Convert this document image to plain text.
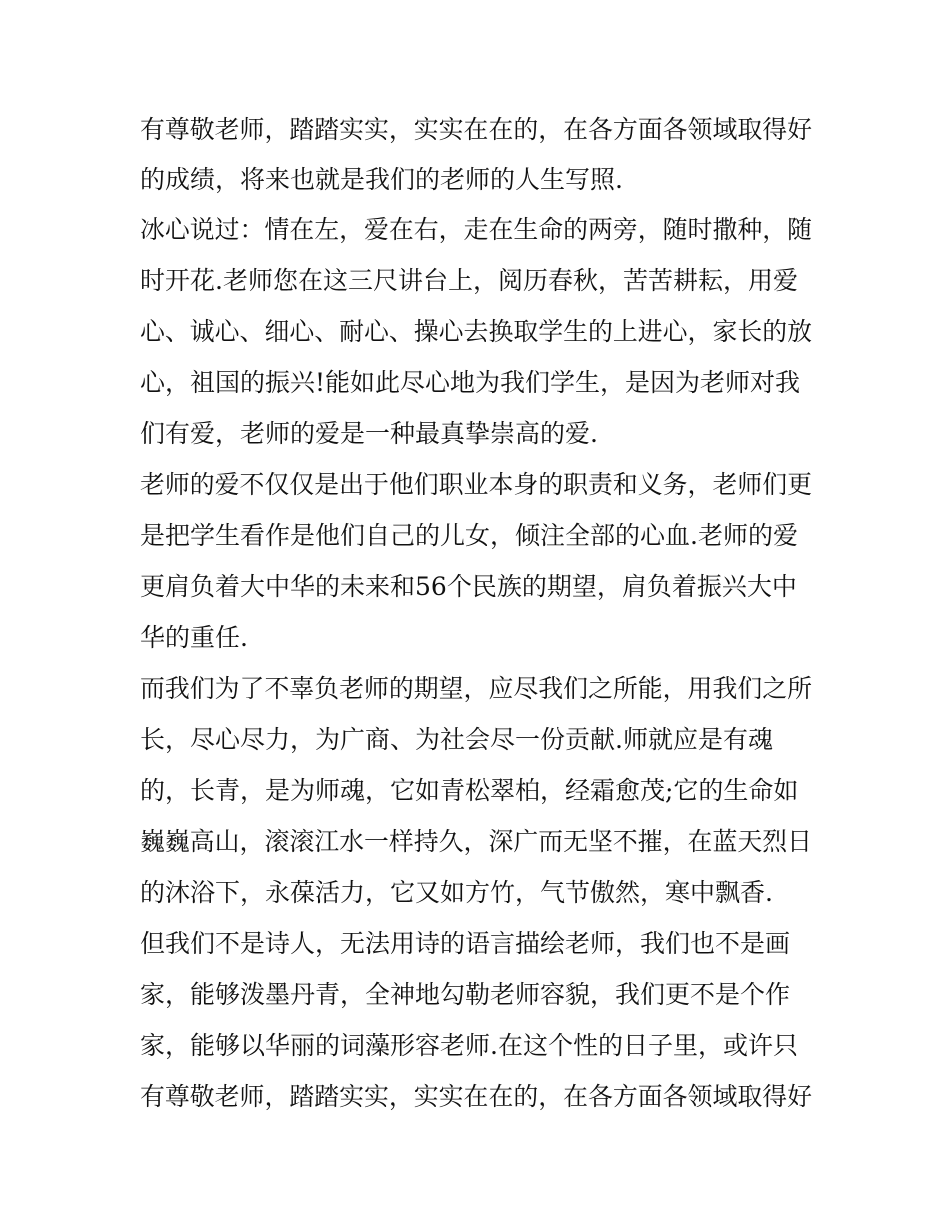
有尊敬老师，踏踏实实，实实在在的，在各方面各领域取得好
的成绩，将来也就是我们的老师的人生写照.
冰心说过：情在左，爱在右，走在生命的两旁，随时撒种，随
时开花.老师您在这三尺讲台上，阅历春秋，苦苦耕耘，用爱
心、诚心、细心、耐心、操心去换取学生的上进心，家长的放
心，祖国的振兴!能如此尽心地为我们学生，是因为老师对我
们有爱，老师的爱是一种最真挚崇高的爱.
老师的爱不仅仅是出于他们职业本身的职责和义务，老师们更
是把学生看作是他们自己的儿女，倾注全部的心血.老师的爱
更肩负着大中华的未来和56个民族的期望，肩负着振兴大中
华的重任.
而我们为了不辜负老师的期望，应尽我们之所能，用我们之所
长，尽心尽力，为广商、为社会尽一份贡献.师就应是有魂
的，长青，是为师魂，它如青松翠柏，经霜愈茂;它的生命如
巍巍高山，滚滚江水一样持久，深广而无坚不摧，在蓝天烈日
的沐浴下，永葆活力，它又如方竹，气节傲然，寒中飘香.
但我们不是诗人，无法用诗的语言描绘老师，我们也不是画
家，能够泼墨丹青，全神地勾勒老师容貌，我们更不是个作
家，能够以华丽的词藻形容老师.在这个性的日子里，或许只
有尊敬老师，踏踏实实，实实在在的，在各方面各领域取得好
